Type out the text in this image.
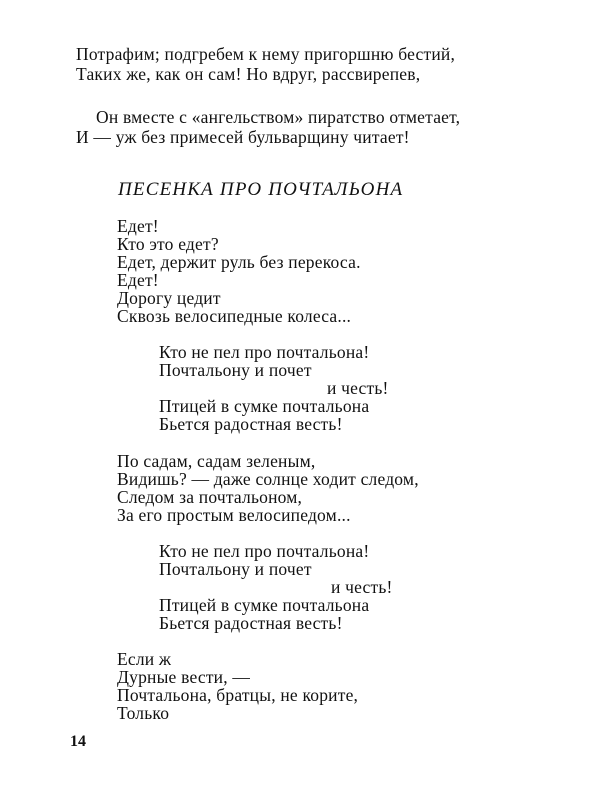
Потрафим; подгребем к нему пригоршню бестий,
Таких же, как он сам! Но вдруг, рассвирепев,
Он вместе с «ангельством» пиратство отметает,
И — уж без примесей бульварщину читает!
ПЕСЕНКА ПРО ПОЧТАЛЬОНА
Едет!
Кто это едет?
Едет, держит руль без перекоса.
Едет!
Дорогу цедит
Сквозь велосипедные колеса...
Кто не пел про почтальона!
Почтальону и почет
и честь!
Птицей в сумке почтальона
Бьется радостная весть!
По садам, садам зеленым,
Видишь? — даже солнце ходит следом,
Следом за почтальоном,
За его простым велосипедом...
Кто не пел про почтальона!
Почтальону и почет
и честь!
Птицей в сумке почтальона
Бьется радостная весть!
Если ж
Дурные вести, —
Почтальона, братцы, не корите,
Только
14
